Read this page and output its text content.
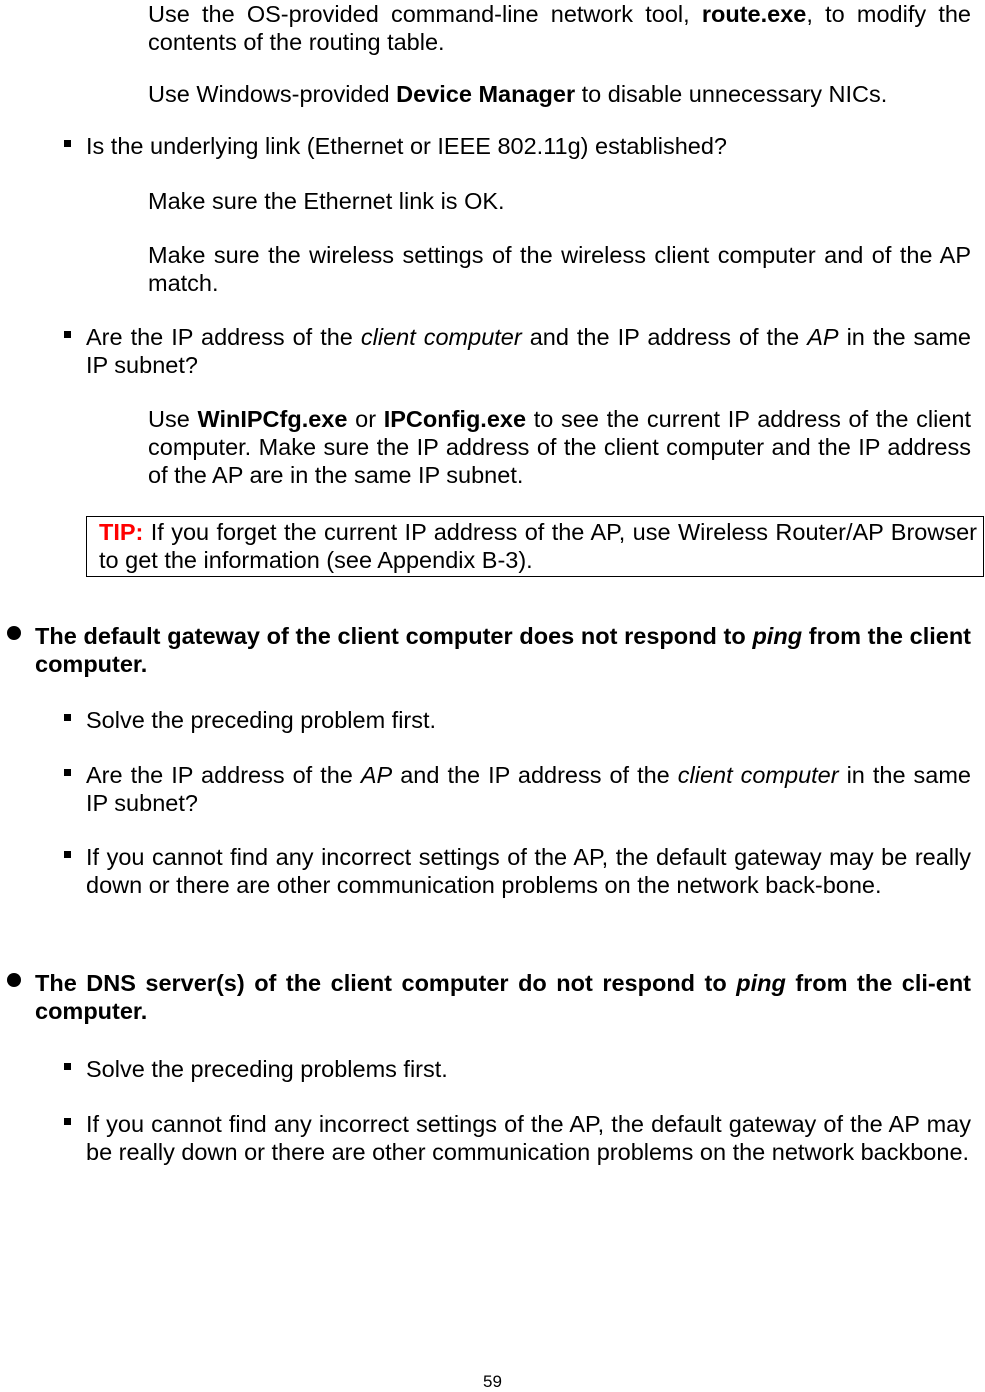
Use the OS-provided command-line network tool, route.exe, to modify the contents of the routing table.
Use Windows-provided Device Manager to disable unnecessary NICs.
Is the underlying link (Ethernet or IEEE 802.11g) established?
Make sure the Ethernet link is OK.
Make sure the wireless settings of the wireless client computer and of the AP match.
Are the IP address of the client computer and the IP address of the AP in the same IP subnet?
Use WinIPCfg.exe or IPConfig.exe to see the current IP address of the client computer. Make sure the IP address of the client computer and the IP address of the AP are in the same IP subnet.
TIP: If you forget the current IP address of the AP, use Wireless Router/AP Browser to get the information (see Appendix B-3).
The default gateway of the client computer does not respond to ping from the client computer.
Solve the preceding problem first.
Are the IP address of the AP and the IP address of the client computer in the same IP subnet?
If you cannot find any incorrect settings of the AP, the default gateway may be really down or there are other communication problems on the network back-bone.
The DNS server(s) of the client computer do not respond to ping from the cli-ent computer.
Solve the preceding problems first.
If you cannot find any incorrect settings of the AP, the default gateway of the AP may be really down or there are other communication problems on the network backbone.
59
